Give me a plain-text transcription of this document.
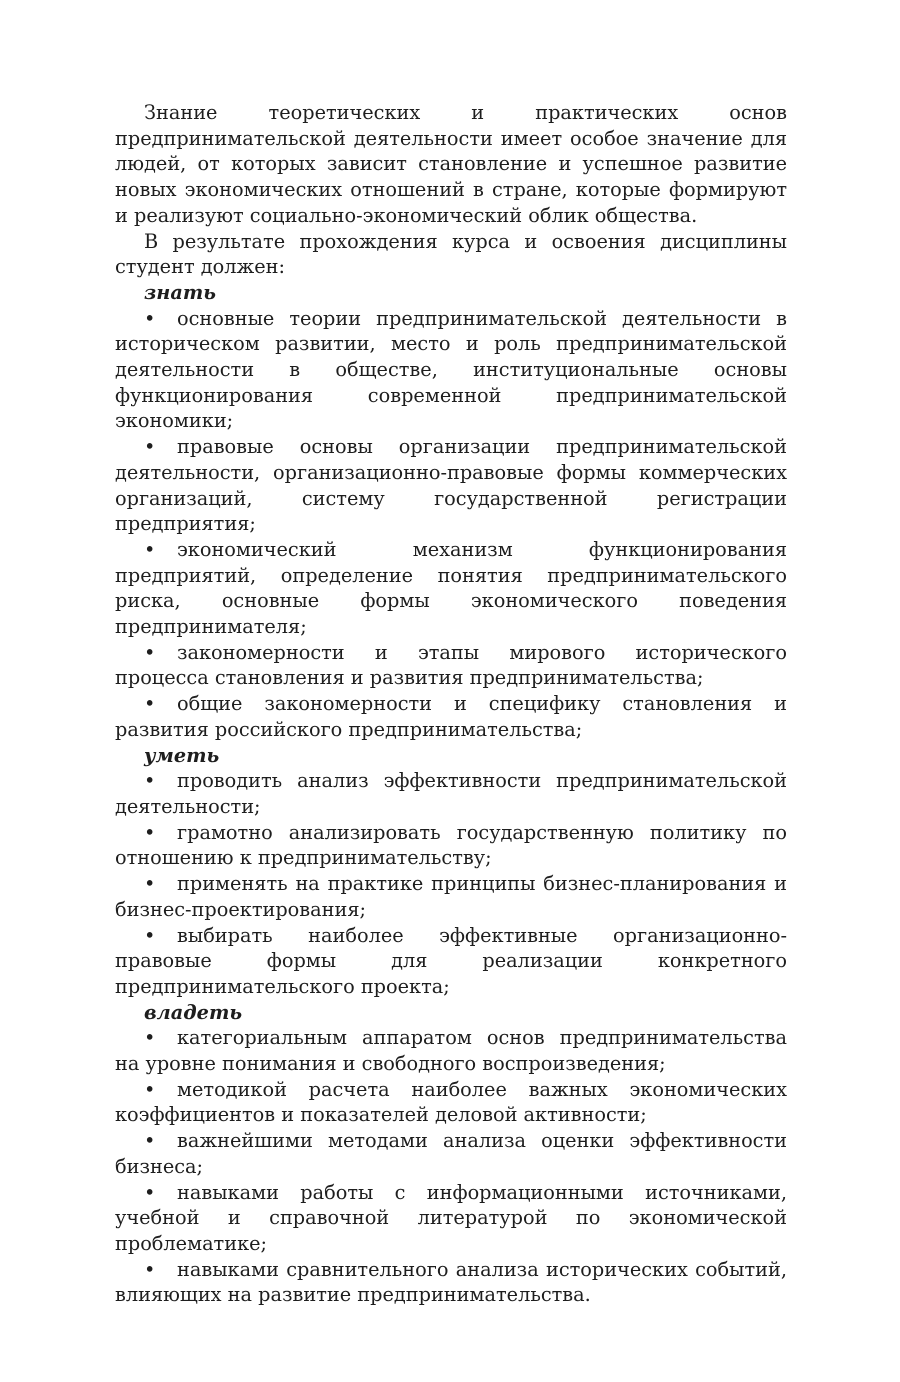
Знание теоретических и практических основ предпринимательской деятельности имеет особое значение для людей, от которых зависит становление и успешное развитие новых экономических отношений в стране, которые формируют и реализуют социально-экономический облик общества.

В результате прохождения курса и освоения дисциплины студент должен:

знать

• основные теории предпринимательской деятельности в историческом развитии, место и роль предпринимательской деятельности в обществе, институциональные основы функционирования современной предпринимательской экономики;

• правовые основы организации предпринимательской деятельности, организационно-правовые формы коммерческих организаций, систему государственной регистрации предприятия;

• экономический механизм функционирования предприятий, определение понятия предпринимательского риска, основные формы экономического поведения предпринимателя;

• закономерности и этапы мирового исторического процесса становления и развития предпринимательства;

• общие закономерности и специфику становления и развития российского предпринимательства;

уметь

• проводить анализ эффективности предпринимательской деятельности;

• грамотно анализировать государственную политику по отношению к предпринимательству;

• применять на практике принципы бизнес-планирования и бизнес-проектирования;

• выбирать наиболее эффективные организационно-правовые формы для реализации конкретного предпринимательского проекта;

владеть

• категориальным аппаратом основ предпринимательства на уровне понимания и свободного воспроизведения;

• методикой расчета наиболее важных экономических коэффициентов и показателей деловой активности;

• важнейшими методами анализа оценки эффективности бизнеса;

• навыками работы с информационными источниками, учебной и справочной литературой по экономической проблематике;

• навыками сравнительного анализа исторических событий, влияющих на развитие предпринимательства.
